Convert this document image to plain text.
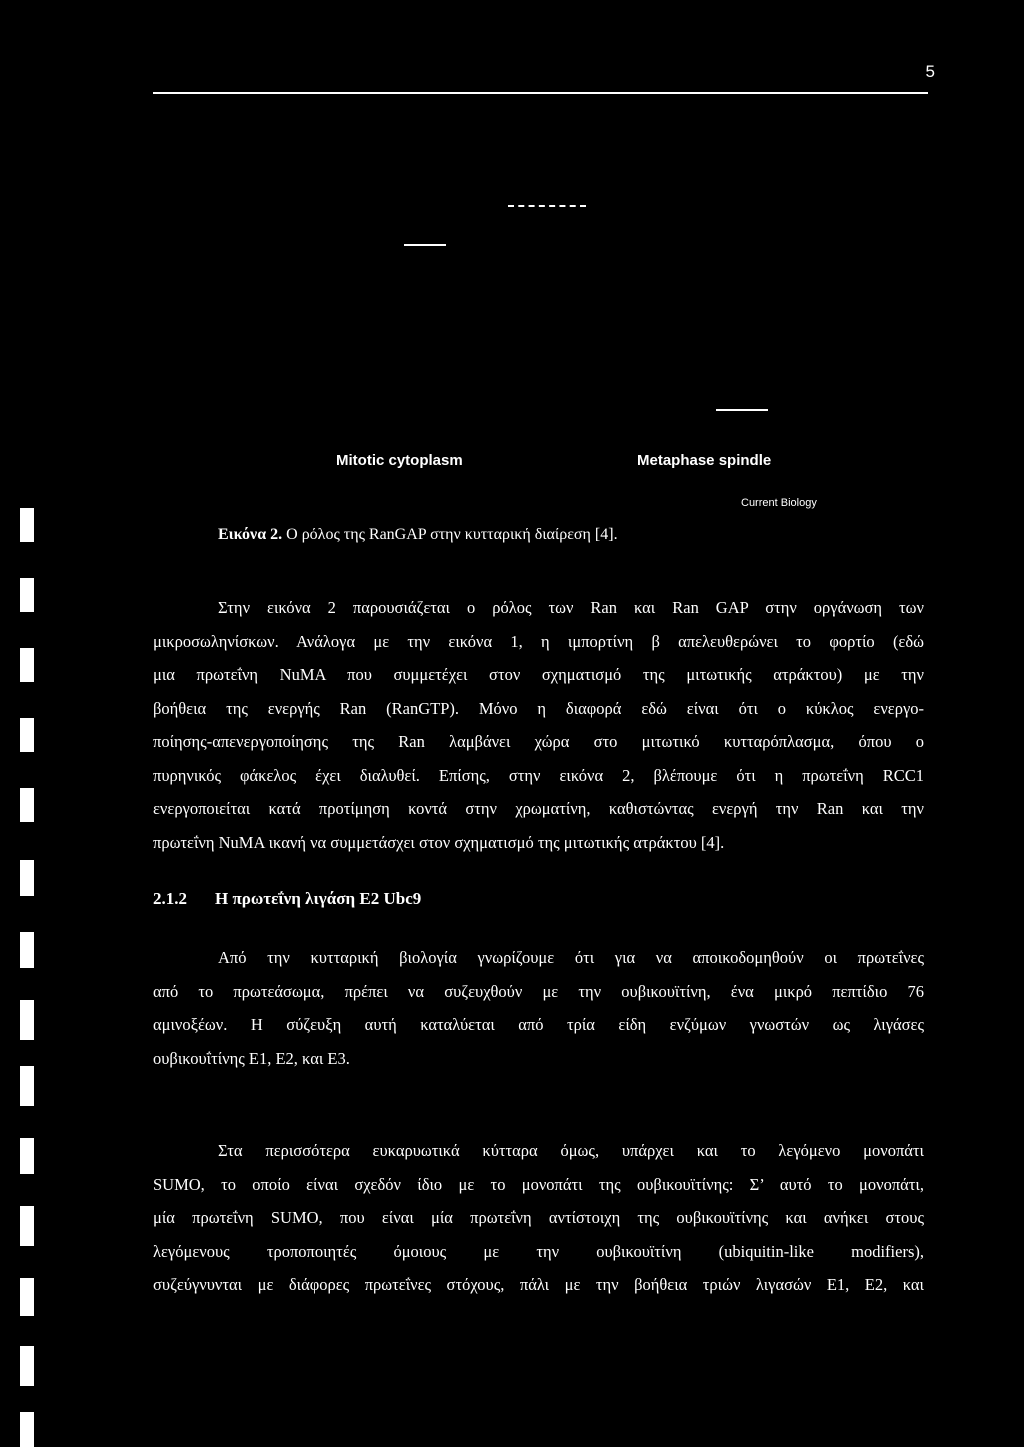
5
Mitotic cytoplasm	Metaphase spindle
Current Biology
Εικόνα 2. Ο ρόλος της RanGAP στην κυτταρική διαίρεση [4].
Στην εικόνα 2 παρουσιάζεται ο ρόλος των Ran και Ran GAP στην οργάνωση των
μικροσωληνίσκων. Ανάλογα με την εικόνα 1, η ιμπορτίνη β απελευθερώνει το φορτίο (εδώ
μια πρωτεΐνη NuMA που συμμετέχει στον σχηματισμό της μιτωτικής ατράκτου) με την
βοήθεια της ενεργής Ran (RanGTP). Μόνο η διαφορά εδώ είναι ότι ο κύκλος ενεργο-
ποίησης-απενεργοποίησης της Ran λαμβάνει χώρα στο μιτωτικό κυτταρόπλασμα, όπου ο
πυρηνικός φάκελος έχει διαλυθεί. Επίσης, στην εικόνα 2, βλέπουμε ότι η πρωτεΐνη RCC1
ενεργοποιείται κατά προτίμηση κοντά στην χρωματίνη, καθιστώντας ενεργή την Ran και την
πρωτεΐνη NuMA ικανή να συμμετάσχει στον σχηματισμό της μιτωτικής ατράκτου [4].
2.1.2 Η πρωτεΐνη λιγάση E2 Ubc9
Από την κυτταρική βιολογία γνωρίζουμε ότι για να αποικοδομηθούν οι πρωτεΐνες
από το πρωτεάσωμα, πρέπει να συζευχθούν με την ουβικουϊτίνη, ένα μικρό πεπτίδιο 76
αμινοξέων. Η σύζευξη αυτή καταλύεται από τρία είδη ενζύμων γνωστών ως λιγάσες
ουβικουΐτίνης E1, E2, και E3.
Στα περισσότερα ευκαρυωτικά κύτταρα όμως, υπάρχει και το λεγόμενο μονοπάτι
SUMO, το οποίο είναι σχεδόν ίδιο με το μονοπάτι της ουβικουϊτίνης: Σ’ αυτό το μονοπάτι,
μία πρωτεΐνη SUMO, που είναι μία πρωτεΐνη αντίστοιχη της ουβικουϊτίνης και ανήκει στους
λεγόμενους τροποποιητές όμοιους με την ουβικουϊτίνη (ubiquitin-like modifiers),
συζεύγνυνται με διάφορες πρωτεΐνες στόχους, πάλι με την βοήθεια τριών λιγασών E1, E2, και
